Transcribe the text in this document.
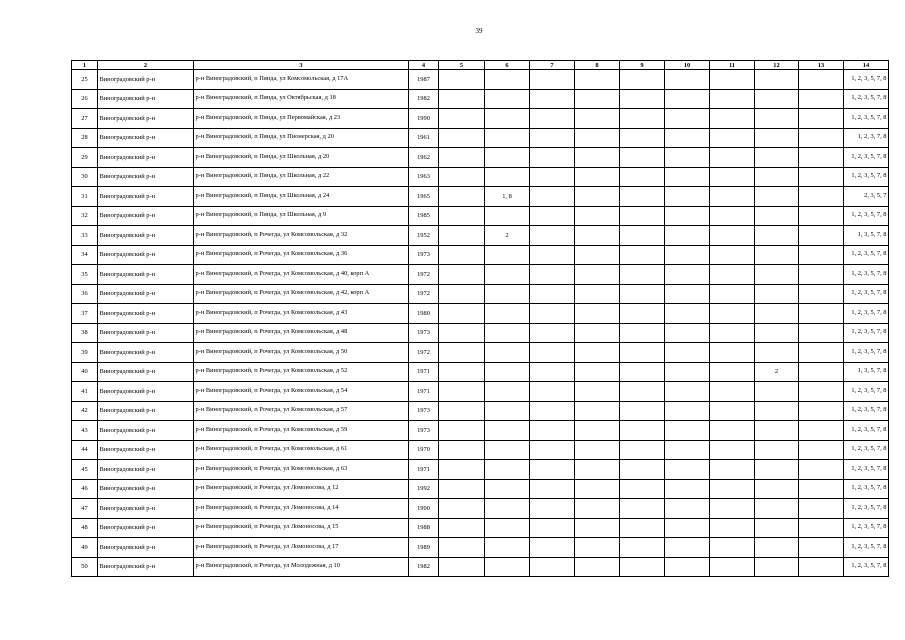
39
1	2	3	4	5	6	7	8	9	10	11	12	13	14
25	Виноградовский р-н	р-н Виноградовский, п Пянда, ул Комсомольская, д 17А	1987										1, 2, 3, 5, 7, 8
26	Виноградовский р-н	р-н Виноградовский, п Пянда, ул Октябрьская, д 18	1982										1, 2, 3, 5, 7, 8
27	Виноградовский р-н	р-н Виноградовский, п Пянда, ул Первомайская, д 23	1990										1, 2, 3, 5, 7, 8
28	Виноградовский р-н	р-н Виноградовский, п Пянда, ул Пионерская, д 20	1961										1, 2, 3, 7, 8
29	Виноградовский р-н	р-н Виноградовский, п Пянда, ул Школьная, д 20	1962										1, 2, 3, 5, 7, 8
30	Виноградовский р-н	р-н Виноградовский, п Пянда, ул Школьная, д 22	1963										1, 2, 3, 5, 7, 8
31	Виноградовский р-н	р-н Виноградовский, п Пянда, ул Школьная, д 24	1965		1, 8								2, 3, 5, 7
32	Виноградовский р-н	р-н Виноградовский, п Пянда, ул Школьная, д 9	1985										1, 2, 3, 5, 7, 8
33	Виноградовский р-н	р-н Виноградовский, п Рочегда, ул Комсомольская, д 32	1952		2								1, 3, 5, 7, 8
34	Виноградовский р-н	р-н Виноградовский, п Рочегда, ул Комсомольская, д 36	1973										1, 2, 3, 5, 7, 8
35	Виноградовский р-н	р-н Виноградовский, п Рочегда, ул Комсомольская, д 40, корп А	1972										1, 2, 3, 5, 7, 8
36	Виноградовский р-н	р-н Виноградовский, п Рочегда, ул Комсомольская, д 42, корп А	1972										1, 2, 3, 5, 7, 8
37	Виноградовский р-н	р-н Виноградовский, п Рочегда, ул Комсомольская, д 43	1980										1, 2, 3, 5, 7, 8
38	Виноградовский р-н	р-н Виноградовский, п Рочегда, ул Комсомольская, д 48	1973										1, 2, 3, 5, 7, 8
39	Виноградовский р-н	р-н Виноградовский, п Рочегда, ул Комсомольская, д 50	1972										1, 2, 3, 5, 7, 8
40	Виноградовский р-н	р-н Виноградовский, п Рочегда, ул Комсомольская, д 52	1971								2		1, 3, 5, 7, 8
41	Виноградовский р-н	р-н Виноградовский, п Рочегда, ул Комсомольская, д 54	1971										1, 2, 3, 5, 7, 8
42	Виноградовский р-н	р-н Виноградовский, п Рочегда, ул Комсомольская, д 57	1973										1, 2, 3, 5, 7, 8
43	Виноградовский р-н	р-н Виноградовский, п Рочегда, ул Комсомольская, д 59	1973										1, 2, 3, 5, 7, 8
44	Виноградовский р-н	р-н Виноградовский, п Рочегда, ул Комсомольская, д 61	1970										1, 2, 3, 5, 7, 8
45	Виноградовский р-н	р-н Виноградовский, п Рочегда, ул Комсомольская, д 63	1971										1, 2, 3, 5, 7, 8
46	Виноградовский р-н	р-н Виноградовский, п Рочегда, ул Ломоносова, д 12	1992										1, 2, 3, 5, 7, 8
47	Виноградовский р-н	р-н Виноградовский, п Рочегда, ул Ломоносова, д 14	1990										1, 2, 3, 5, 7, 8
48	Виноградовский р-н	р-н Виноградовский, п Рочегда, ул Ломоносова, д 15	1988										1, 2, 3, 5, 7, 8
49	Виноградовский р-н	р-н Виноградовский, п Рочегда, ул Ломоносова, д 17	1989										1, 2, 3, 5, 7, 8
50	Виноградовский р-н	р-н Виноградовский, п Рочегда, ул Молодежная, д 10	1982										1, 2, 3, 5, 7, 8
